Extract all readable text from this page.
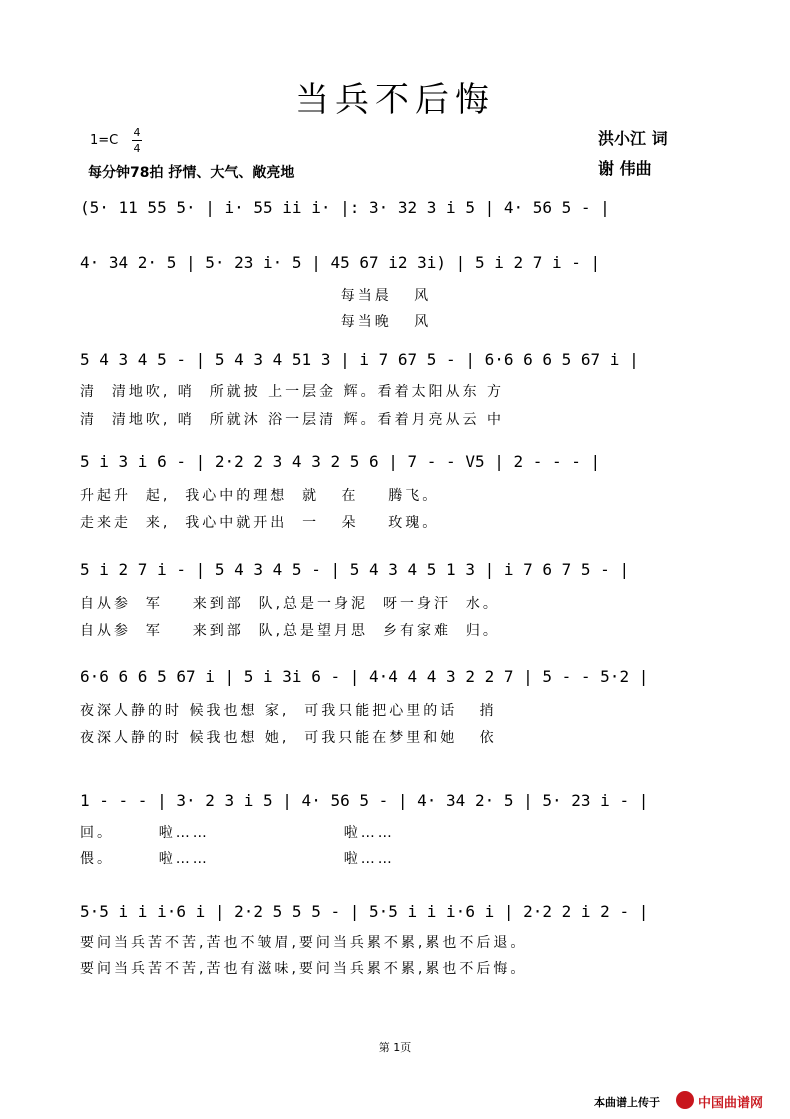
当兵不后悔
1=C
4
4
每分钟78拍 抒情、大气、敞亮地
洪小江 词
谢 伟曲
(5· 11 55 5· | i· 55 ii i· |: 3· 32 3 i 5 | 4· 56 5 - |
4· 34 2· 5 | 5· 23 i· 5 | 45 67 i2 3i) | 5 i 2 7 i - |
每当晨   风
每当晚   风
5 4 3 4 5 - | 5 4 3 4 51 3 | i 7 67 5 - | 6·6 6 6 5 67 i |
清  清地吹, 哨  所就披 上一层金 辉。看着太阳从东 方
清  清地吹, 哨  所就沐 浴一层清 辉。看着月亮从云 中
5 i 3 i 6 - | 2·2 2 3 4 3 2 5 6 | 7 - - V5 | 2 - - - |
升起升  起,  我心中的理想  就   在    腾飞。
走来走  来,  我心中就开出  一   朵    玫瑰。
5 i 2 7 i - | 5 4 3 4 5 - | 5 4 3 4 5 1 3 | i 7 6 7 5 - |
自从参  军    来到部  队,总是一身泥  呀一身汗  水。
自从参  军    来到部  队,总是望月思  乡有家难  归。
6·6 6 6 5 67 i | 5 i 3i 6 - | 4·4 4 4 3 2 2 7 | 5 - - 5·2 |
夜深人静的时 候我也想 家,  可我只能把心里的话   捎
夜深人静的时 候我也想 她,  可我只能在梦里和她   依
1 - - - | 3· 2 3 i 5 | 4· 56 5 - | 4· 34 2· 5 | 5· 23 i - |
回。      啦……                  啦……
偎。      啦……                  啦……
5·5 i i i·6 i | 2·2 5 5 5 - | 5·5 i i i·6 i | 2·2 2 i 2 - |
要问当兵苦不苦,苦也不皱眉,要问当兵累不累,累也不后退。
要问当兵苦不苦,苦也有滋味,要问当兵累不累,累也不后悔。
第 1页
本曲谱上传于	中国曲谱网
